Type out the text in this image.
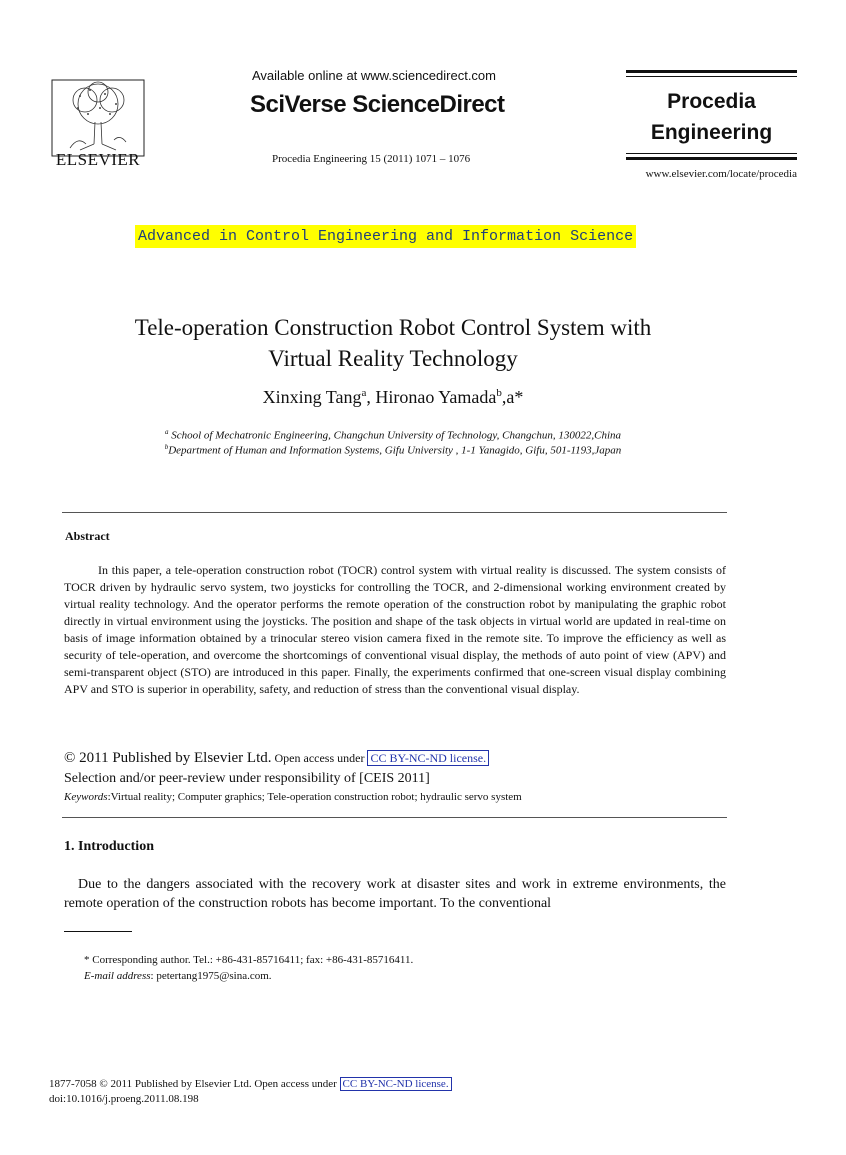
ELSEVIER
Available online at www.sciencedirect.com
SciVerse ScienceDirect
Procedia Engineering 15 (2011) 1071 – 1076
Procedia
Engineering
www.elsevier.com/locate/procedia
Advanced in Control Engineering and Information Science
Tele-operation Construction Robot Control System with
Virtual Reality Technology
Xinxing Tang$^a$, Hironao Yamada$^b$,a*
$^a$ School of Mechatronic Engineering, Changchun University of Technology, Changchun, 130022,China
$^b$Department of Human and Information Systems, Gifu University , 1-1 Yanagido, Gifu, 501-1193,Japan
Abstract

In this paper, a tele-operation construction robot (TOCR) control system with virtual reality is discussed. The system consists of TOCR driven by hydraulic servo system, two joysticks for controlling the TOCR, and 2-dimensional working environment created by virtual reality technology. And the operator performs the remote operation of the construction robot by manipulating the graphic robot directly in virtual environment using the joysticks. The position and shape of the task objects in virtual world are updated in real-time on basis of image information obtained by a trinocular stereo vision camera fixed in the remote site. To improve the efficiency as well as security of tele-operation, and overcome the shortcomings of conventional visual display, the methods of auto point of view (APV) and semi-transparent object (STO) are introduced in this paper. Finally, the experiments confirmed that one-screen visual display combining APV and STO is superior in operability, safety, and reduction of stress than the conventional visual display.

© 2011 Published by Elsevier Ltd. Open access under CC BY-NC-ND license.
Selection and/or peer-review under responsibility of [CEIS 2011]
Keywords:Virtual reality; Computer graphics; Tele-operation construction robot; hydraulic servo system
1. Introduction

Due to the dangers associated with the recovery work at disaster sites and work in extreme environments, the remote operation of the construction robots has become important. To the conventional

* Corresponding author. Tel.: +86-431-85716411; fax: +86-431-85716411.
E-mail address: petertang1975@sina.com.
1877-7058 © 2011 Published by Elsevier Ltd. Open access under CC BY-NC-ND license.
doi:10.1016/j.proeng.2011.08.198
